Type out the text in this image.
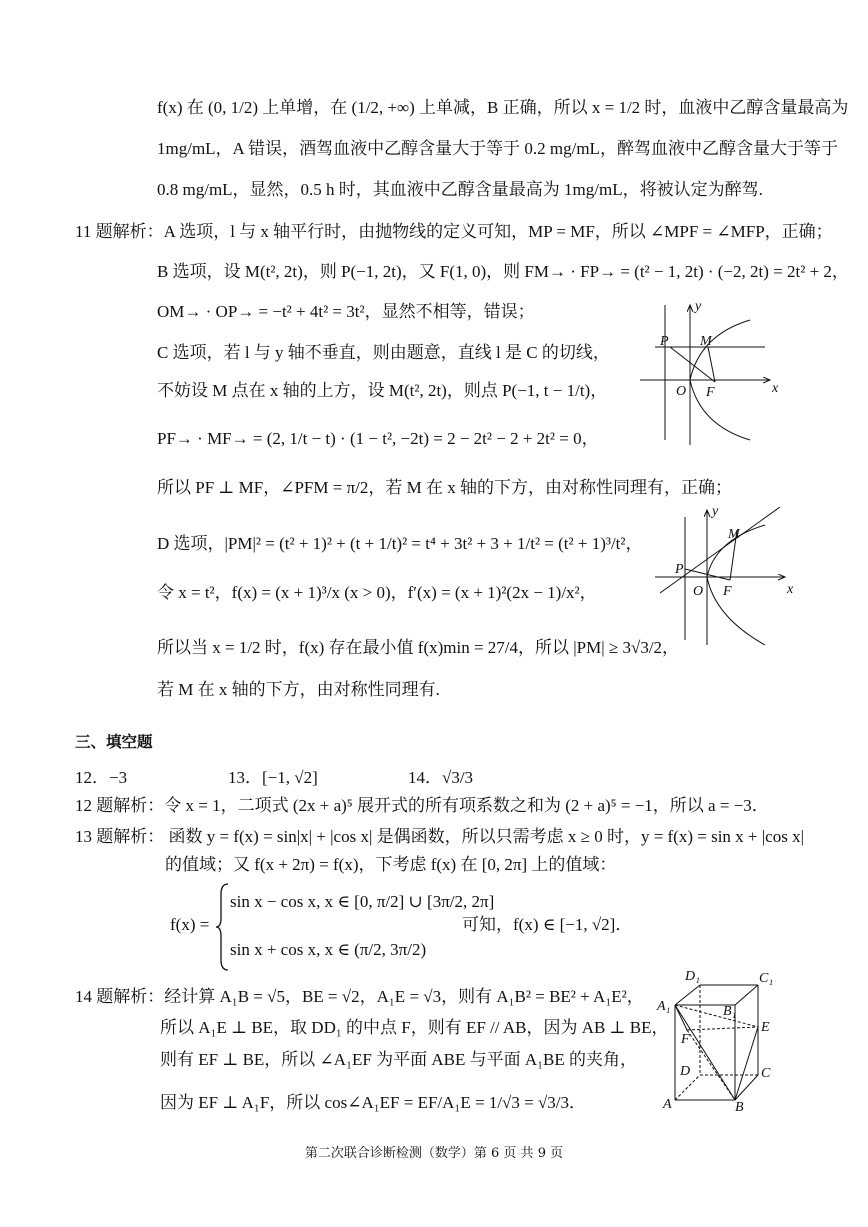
f(x) 在 (0, 1/2) 上单增，在 (1/2, +∞) 上单减，B 正确，所以 x = 1/2 时，血液中乙醇含量最高为
1mg/mL，A 错误，酒驾血液中乙醇含量大于等于 0.2 mg/mL，醉驾血液中乙醇含量大于等于
0.8 mg/mL，显然，0.5 h 时，其血液中乙醇含量最高为 1mg/mL，将被认定为醉驾.
11 题解析：A 选项，l 与 x 轴平行时，由抛物线的定义可知，MP = MF，所以 ∠MPF = ∠MFP，正确；
B 选项，设 M(t², 2t)，则 P(−1, 2t)，又 F(1, 0)，则 FM→ · FP→ = (t² − 1, 2t) · (−2, 2t) = 2t² + 2，
OM→ · OP→ = −t² + 4t² = 3t²，显然不相等，错误；
C 选项，若 l 与 y 轴不垂直，则由题意，直线 l 是 C 的切线，
不妨设 M 点在 x 轴的上方，设 M(t², 2t)，则点 P(−1, t − 1/t)，
PF→ · MF→ = (2, 1/t − t) · (1 − t², −2t) = 2 − 2t² − 2 + 2t² = 0，
所以 PF ⊥ MF，∠PFM = π/2，若 M 在 x 轴的下方，由对称性同理有，正确；
D 选项，|PM|² = (t² + 1)² + (t + 1/t)² = t⁴ + 3t² + 3 + 1/t² = (t² + 1)³/t²，
令 x = t²，f(x) = (x + 1)³/x (x > 0)，f′(x) = (x + 1)²(2x − 1)/x²，
所以当 x = 1/2 时，f(x) 存在最小值 f(x)min = 27/4，所以 |PM| ≥ 3√3/2，
若 M 在 x 轴的下方，由对称性同理有.
y
x
P M
O F
y
x
P
M
O F
三、填空题
12．−3	13．[−1, √2]	14．√3/3
12 题解析：令 x = 1，二项式 (2x + a)⁵ 展开式的所有项系数之和为 (2 + a)⁵ = −1，所以 a = −3．
13 题解析： 函数 y = f(x) = sin|x| + |cos x| 是偶函数，所以只需考虑 x ≥ 0 时，y = f(x) = sin x + |cos x|
的值域；又 f(x + 2π) = f(x)，下考虑 f(x) 在 [0, 2π] 上的值域：
f(x) =
sin x − cos x, x ∈ [0, π/2] ∪ [3π/2, 2π]
sin x + cos x, x ∈ (π/2, 3π/2)
可知，f(x) ∈ [−1, √2]．
14 题解析：经计算 A₁B = √5，BE = √2，A₁E = √3，则有 A₁B² = BE² + A₁E²，
所以 A₁E ⊥ BE，取 DD₁ 的中点 F，则有 EF // AB，因为 AB ⊥ BE，
则有 EF ⊥ BE，所以 ∠A₁EF 为平面 ABE 与平面 A₁BE 的夹角，
因为 EF ⊥ A₁F，所以 cos∠A₁EF = EF/A₁E = 1/√3 = √3/3．
D₁	C₁
A₁	B₁
F
E
D	C
A	B
第二次联合诊断检测（数学）第 6 页 共 9 页
